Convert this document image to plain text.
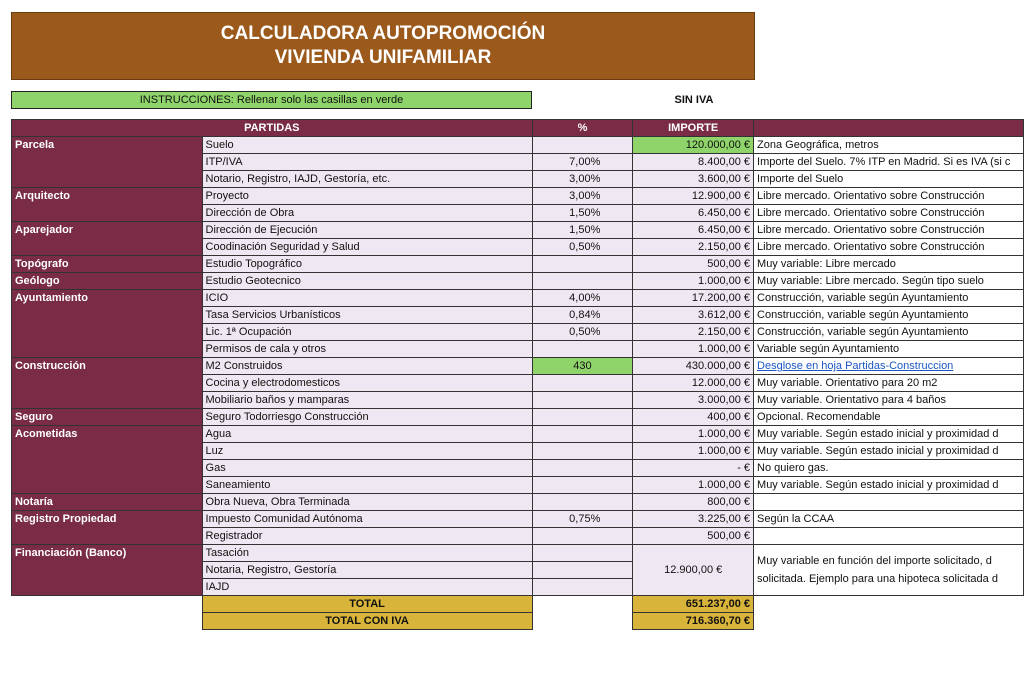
CALCULADORA AUTOPROMOCIÓN
VIVIENDA UNIFAMILIAR
INSTRUCCIONES: Rellenar solo las casillas en verde	SIN IVA
PARTIDAS		%	IMPORTE	
Parcela	Suelo		120.000,00 €	Zona Geográfica, metros
	ITP/IVA	7,00%	8.400,00 €	Importe del Suelo. 7% ITP en Madrid. Si es IVA (si c
	Notario, Registro, IAJD, Gestoría, etc.	3,00%	3.600,00 €	Importe del Suelo
Arquitecto	Proyecto	3,00%	12.900,00 €	Libre mercado. Orientativo sobre Construcción
	Dirección de Obra	1,50%	6.450,00 €	Libre mercado. Orientativo sobre Construcción
Aparejador	Dirección de Ejecución	1,50%	6.450,00 €	Libre mercado. Orientativo sobre Construcción
	Coodinación Seguridad y Salud	0,50%	2.150,00 €	Libre mercado. Orientativo sobre Construcción
Topógrafo	Estudio Topográfico		500,00 €	Muy variable: Libre mercado
Geólogo	Estudio Geotecnico		1.000,00 €	Muy variable: Libre mercado. Según tipo suelo
Ayuntamiento	ICIO	4,00%	17.200,00 €	Construcción, variable según Ayuntamiento
	Tasa Servicios Urbanísticos	0,84%	3.612,00 €	Construcción, variable según Ayuntamiento
	Lic. 1ª Ocupación	0,50%	2.150,00 €	Construcción, variable según Ayuntamiento
	Permisos de cala y otros		1.000,00 €	Variable según Ayuntamiento
Construcción	M2 Construidos	430	430.000,00 €	Desglose en hoja Partidas-Construccion
	Cocina y electrodomesticos		12.000,00 €	Muy variable. Orientativo para 20 m2
	Mobiliario baños y mamparas		3.000,00 €	Muy variable. Orientativo para 4 baños
Seguro	Seguro Todorriesgo Construcción		400,00 €	Opcional. Recomendable
Acometidas	Agua		1.000,00 €	Muy variable. Según estado inicial y proximidad d
	Luz		1.000,00 €	Muy variable. Según estado inicial y proximidad d
	Gas		- €	No quiero gas.
	Saneamiento		1.000,00 €	Muy variable. Según estado inicial y proximidad d
Notaría	Obra Nueva, Obra Terminada		800,00 €	
Registro Propiedad	Impuesto Comunidad Autónoma	0,75%	3.225,00 €	Según la CCAA
	Registrador		500,00 €	
Financiación (Banco)	Tasación		12.900,00 €	Muy variable en función del importe solicitado, d
solicitada. Ejemplo para una hipoteca solicitada d

	Notaria, Registro, Gestoría			
	IAJD			
	TOTAL		651.237,00 €	
	TOTAL CON IVA		716.360,70 €	
